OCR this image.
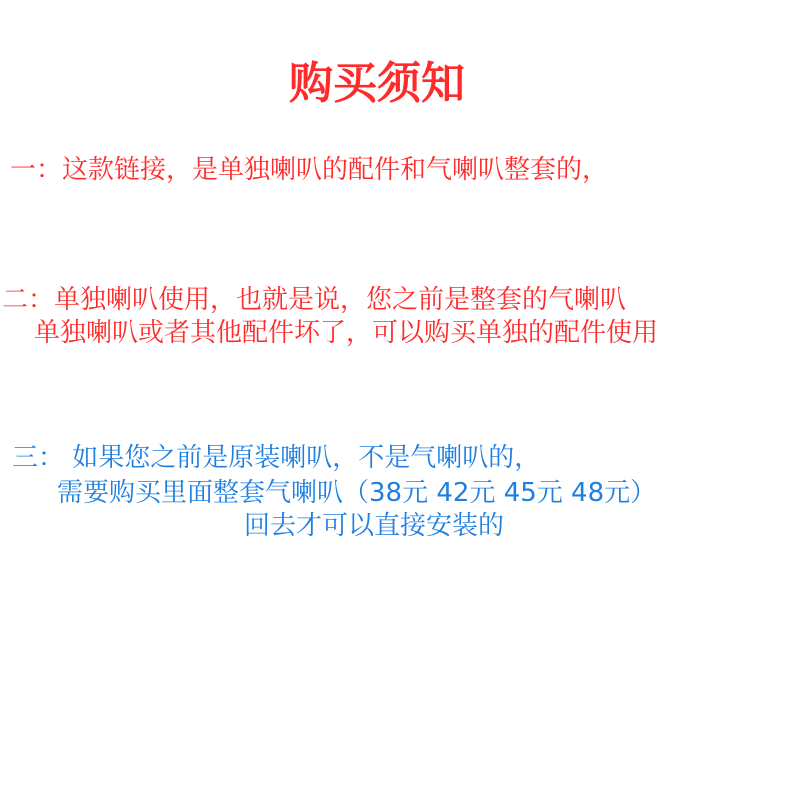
购买须知
一：这款链接，是单独喇叭的配件和气喇叭整套的，
二：单独喇叭使用，也就是说，您之前是整套的气喇叭
单独喇叭或者其他配件坏了，可以购买单独的配件使用
三： 如果您之前是原装喇叭，不是气喇叭的，
需要购买里面整套气喇叭（38元 42元 45元 48元）
回去才可以直接安装的
